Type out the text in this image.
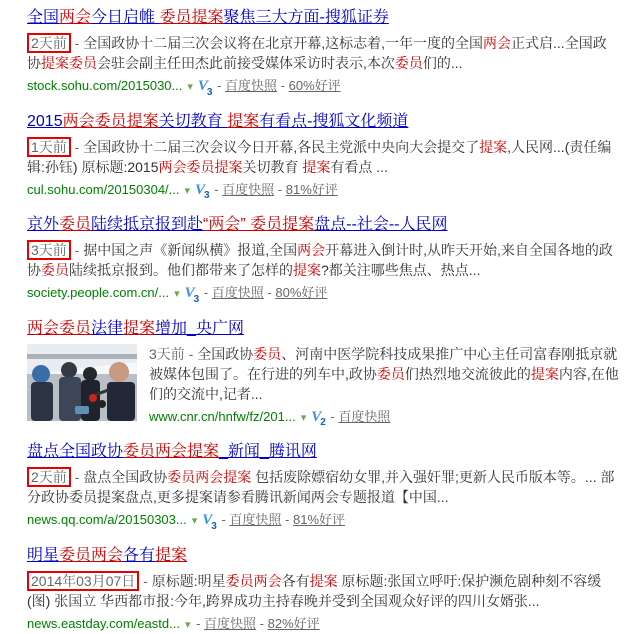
全国两会今日启帷 委员提案聚焦三大方面-搜狐证券
2天前 - 全国政协十二届三次会议将在北京开幕,这标志着,一年一度的全国两会正式启...全国政协提案委员会驻会副主任田杰此前接受媒体采访时表示,本次委员们的...
stock.sohu.com/2015030... ▾ $V_3$ - 百度快照 - 60%好评
2015两会委员提案关切教育 提案有看点-搜狐文化频道
1天前 - 全国政协十二届三次会议今日开幕,各民主党派中央向大会提交了提案,人民网...(责任编辑:孙钰) 原标题:2015两会委员提案关切教育 提案有看点 ...
cul.sohu.com/20150304/... ▾ $V_3$ - 百度快照 - 81%好评
京外委员陆续抵京报到赴“两会” 委员提案盘点--社会--人民网
3天前 - 据中国之声《新闻纵横》报道,全国两会开幕进入倒计时,从昨天开始,来自全国各地的政协委员陆续抵京报到。他们都带来了怎样的提案?都关注哪些焦点、热点...
society.people.com.cn/... ▾ $V_3$ - 百度快照 - 80%好评
两会委员法律提案增加_央广网
3天前 - 全国政协委员、河南中医学院科技成果推广中心主任司富春刚抵京就被媒体包围了。在行进的列车中,政协委员们热烈地交流彼此的提案内容,在他们的交流中,记者...
www.cnr.cn/hnfw/fz/201... ▾ $V_2$ - 百度快照
盘点全国政协委员两会提案_新闻_腾讯网
2天前 - 盘点全国政协委员两会提案 包括废除嫖宿幼女罪,并入强奸罪;更新人民币版本等。... 部分政协委员提案盘点,更多提案请参看腾讯新闻两会专题报道【中国...
news.qq.com/a/20150303... ▾ $V_3$ - 百度快照 - 81%好评
明星委员两会各有提案
2014年03月07日 - 原标题:明星委员两会各有提案 原标题:张国立呼吁:保护濒危剧种刻不容缓(图) 张国立 华西都市报:今年,跨界成功主持春晚并受到全国观众好评的四川女婿张...
news.eastday.com/eastd... ▾ - 百度快照 - 82%好评
